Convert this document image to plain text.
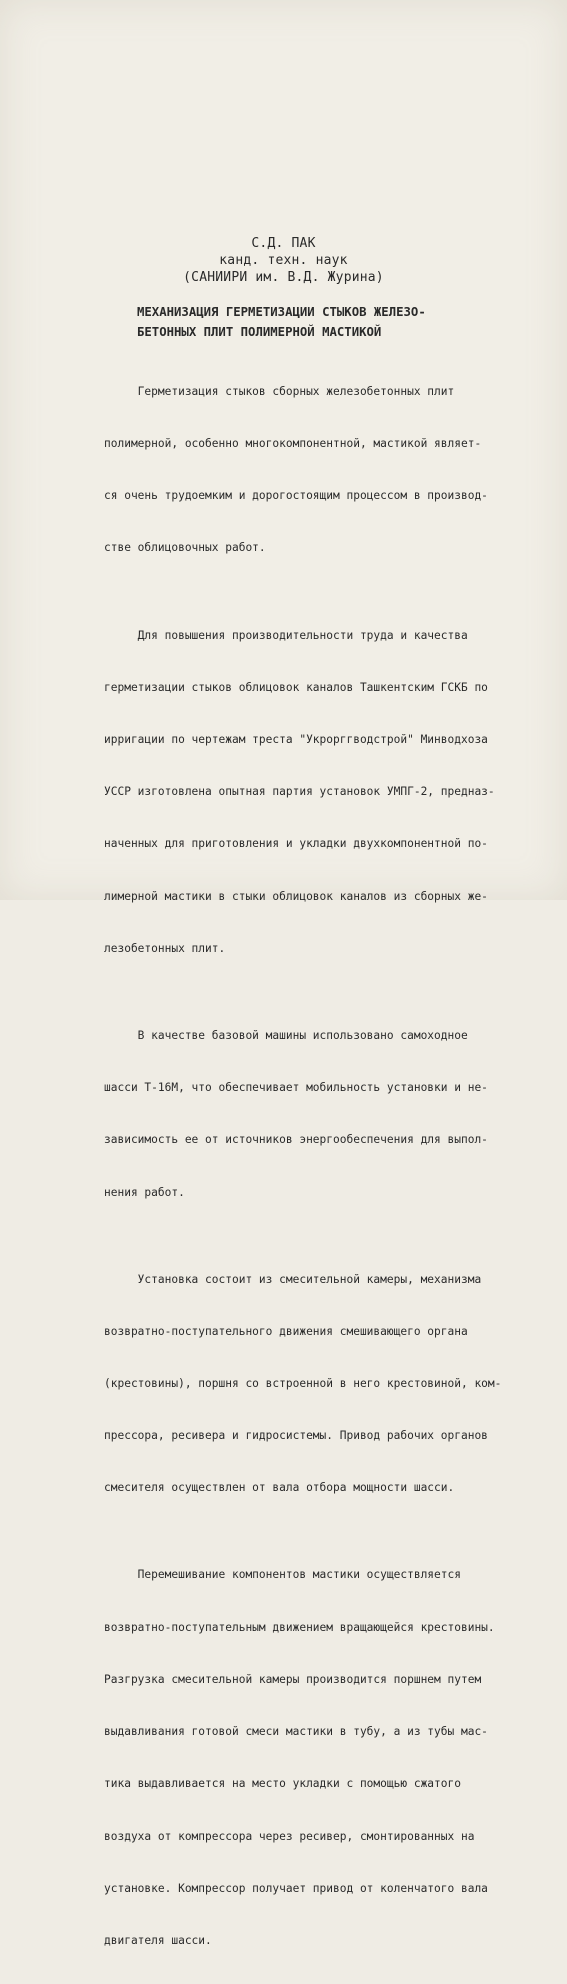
С.Д. ПАК
канд. техн. наук
(САНИИРИ им. В.Д. Журина)
МЕХАНИЗАЦИЯ ГЕРМЕТИЗАЦИИ СТЫКОВ ЖЕЛЕЗО-
БЕТОННЫХ ПЛИТ ПОЛИМЕРНОЙ МАСТИКОЙ

Герметизация стыков сборных железобетонных плит

полимерной, особенно многокомпонентной, мастикой являет-

ся очень трудоемким и дорогостоящим процессом в производ-

стве облицовочных работ.

Для повышения производительности труда и качества

герметизации стыков облицовок каналов Ташкентским ГСКБ по

ирригации по чертежам треста "Укрорггводстрой" Минводхоза

УССР изготовлена опытная партия установок УМПГ-2, предназ-

наченных для приготовления и укладки двухкомпонентной по-

лимерной мастики в стыки облицовок каналов из сборных же-

лезобетонных плит.

В качестве базовой машины использовано самоходное

шасси Т-16М, что обеспечивает мобильность установки и не-

зависимость ее от источников энергообеспечения для выпол-

нения работ.

Установка состоит из смесительной камеры, механизма

возвратно-поступательного движения смешивающего органа

(крестовины), поршня со встроенной в него крестовиной, ком-

прессора, ресивера и гидросистемы. Привод рабочих органов

смесителя осуществлен от вала отбора мощности шасси.

Перемешивание компонентов мастики осуществляется

возвратно-поступательным движением вращающейся крестовины.

Разгрузка смесительной камеры производится поршнем путем

выдавливания готовой смеси мастики в тубу, а из тубы мас-

тика выдавливается на место укладки с помощью сжатого

воздуха от компрессора через ресивер, смонтированных на

установке. Компрессор получает привод от коленчатого вала

двигателя шасси.
